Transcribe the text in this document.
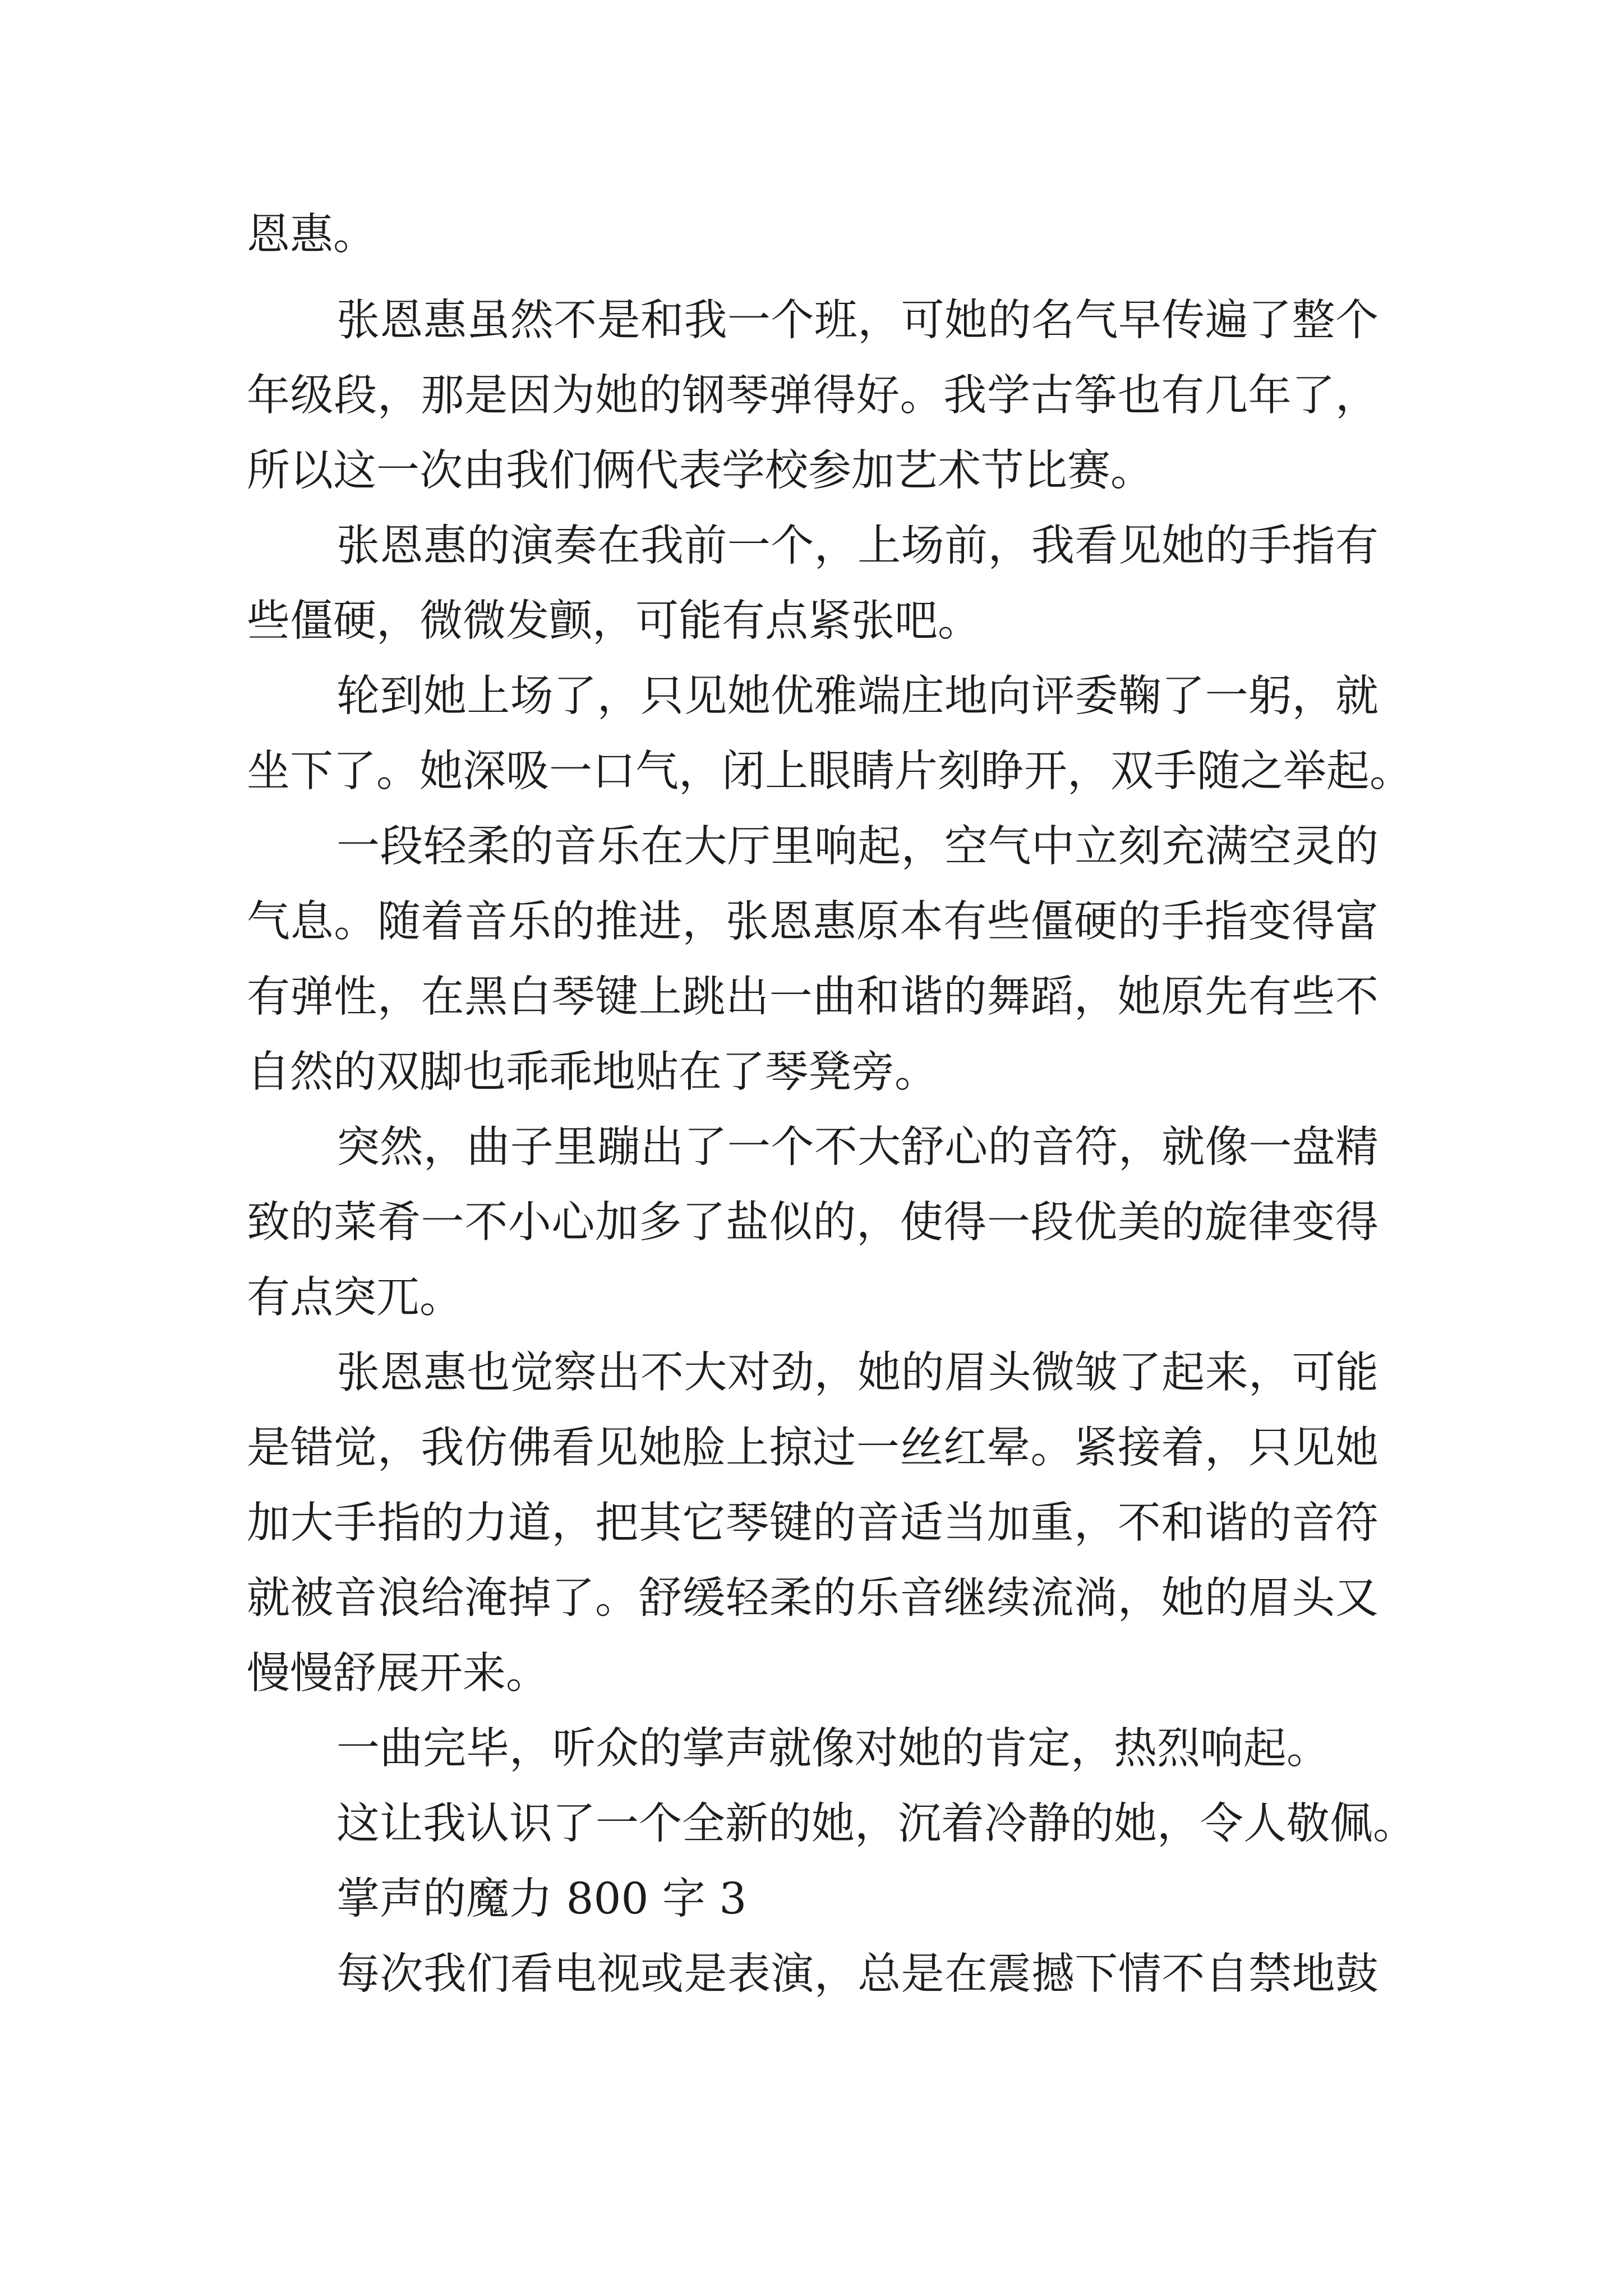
恩惠。

张恩惠虽然不是和我一个班，可她的名气早传遍了整个

年级段，那是因为她的钢琴弹得好。我学古筝也有几年了，

所以这一次由我们俩代表学校参加艺术节比赛。

张恩惠的演奏在我前一个，上场前，我看见她的手指有

些僵硬，微微发颤，可能有点紧张吧。

轮到她上场了，只见她优雅端庄地向评委鞠了一躬，就

坐下了。她深吸一口气，闭上眼睛片刻睁开，双手随之举起。

一段轻柔的音乐在大厅里响起，空气中立刻充满空灵的

气息。随着音乐的推进，张恩惠原本有些僵硬的手指变得富

有弹性，在黑白琴键上跳出一曲和谐的舞蹈，她原先有些不

自然的双脚也乖乖地贴在了琴凳旁。

突然，曲子里蹦出了一个不大舒心的音符，就像一盘精

致的菜肴一不小心加多了盐似的，使得一段优美的旋律变得

有点突兀。

张恩惠也觉察出不大对劲，她的眉头微皱了起来，可能

是错觉，我仿佛看见她脸上掠过一丝红晕。紧接着，只见她

加大手指的力道，把其它琴键的音适当加重，不和谐的音符

就被音浪给淹掉了。舒缓轻柔的乐音继续流淌，她的眉头又

慢慢舒展开来。

一曲完毕，听众的掌声就像对她的肯定，热烈响起。

这让我认识了一个全新的她，沉着冷静的她，令人敬佩。

掌声的魔力 800 字 3

每次我们看电视或是表演，总是在震撼下情不自禁地鼓
